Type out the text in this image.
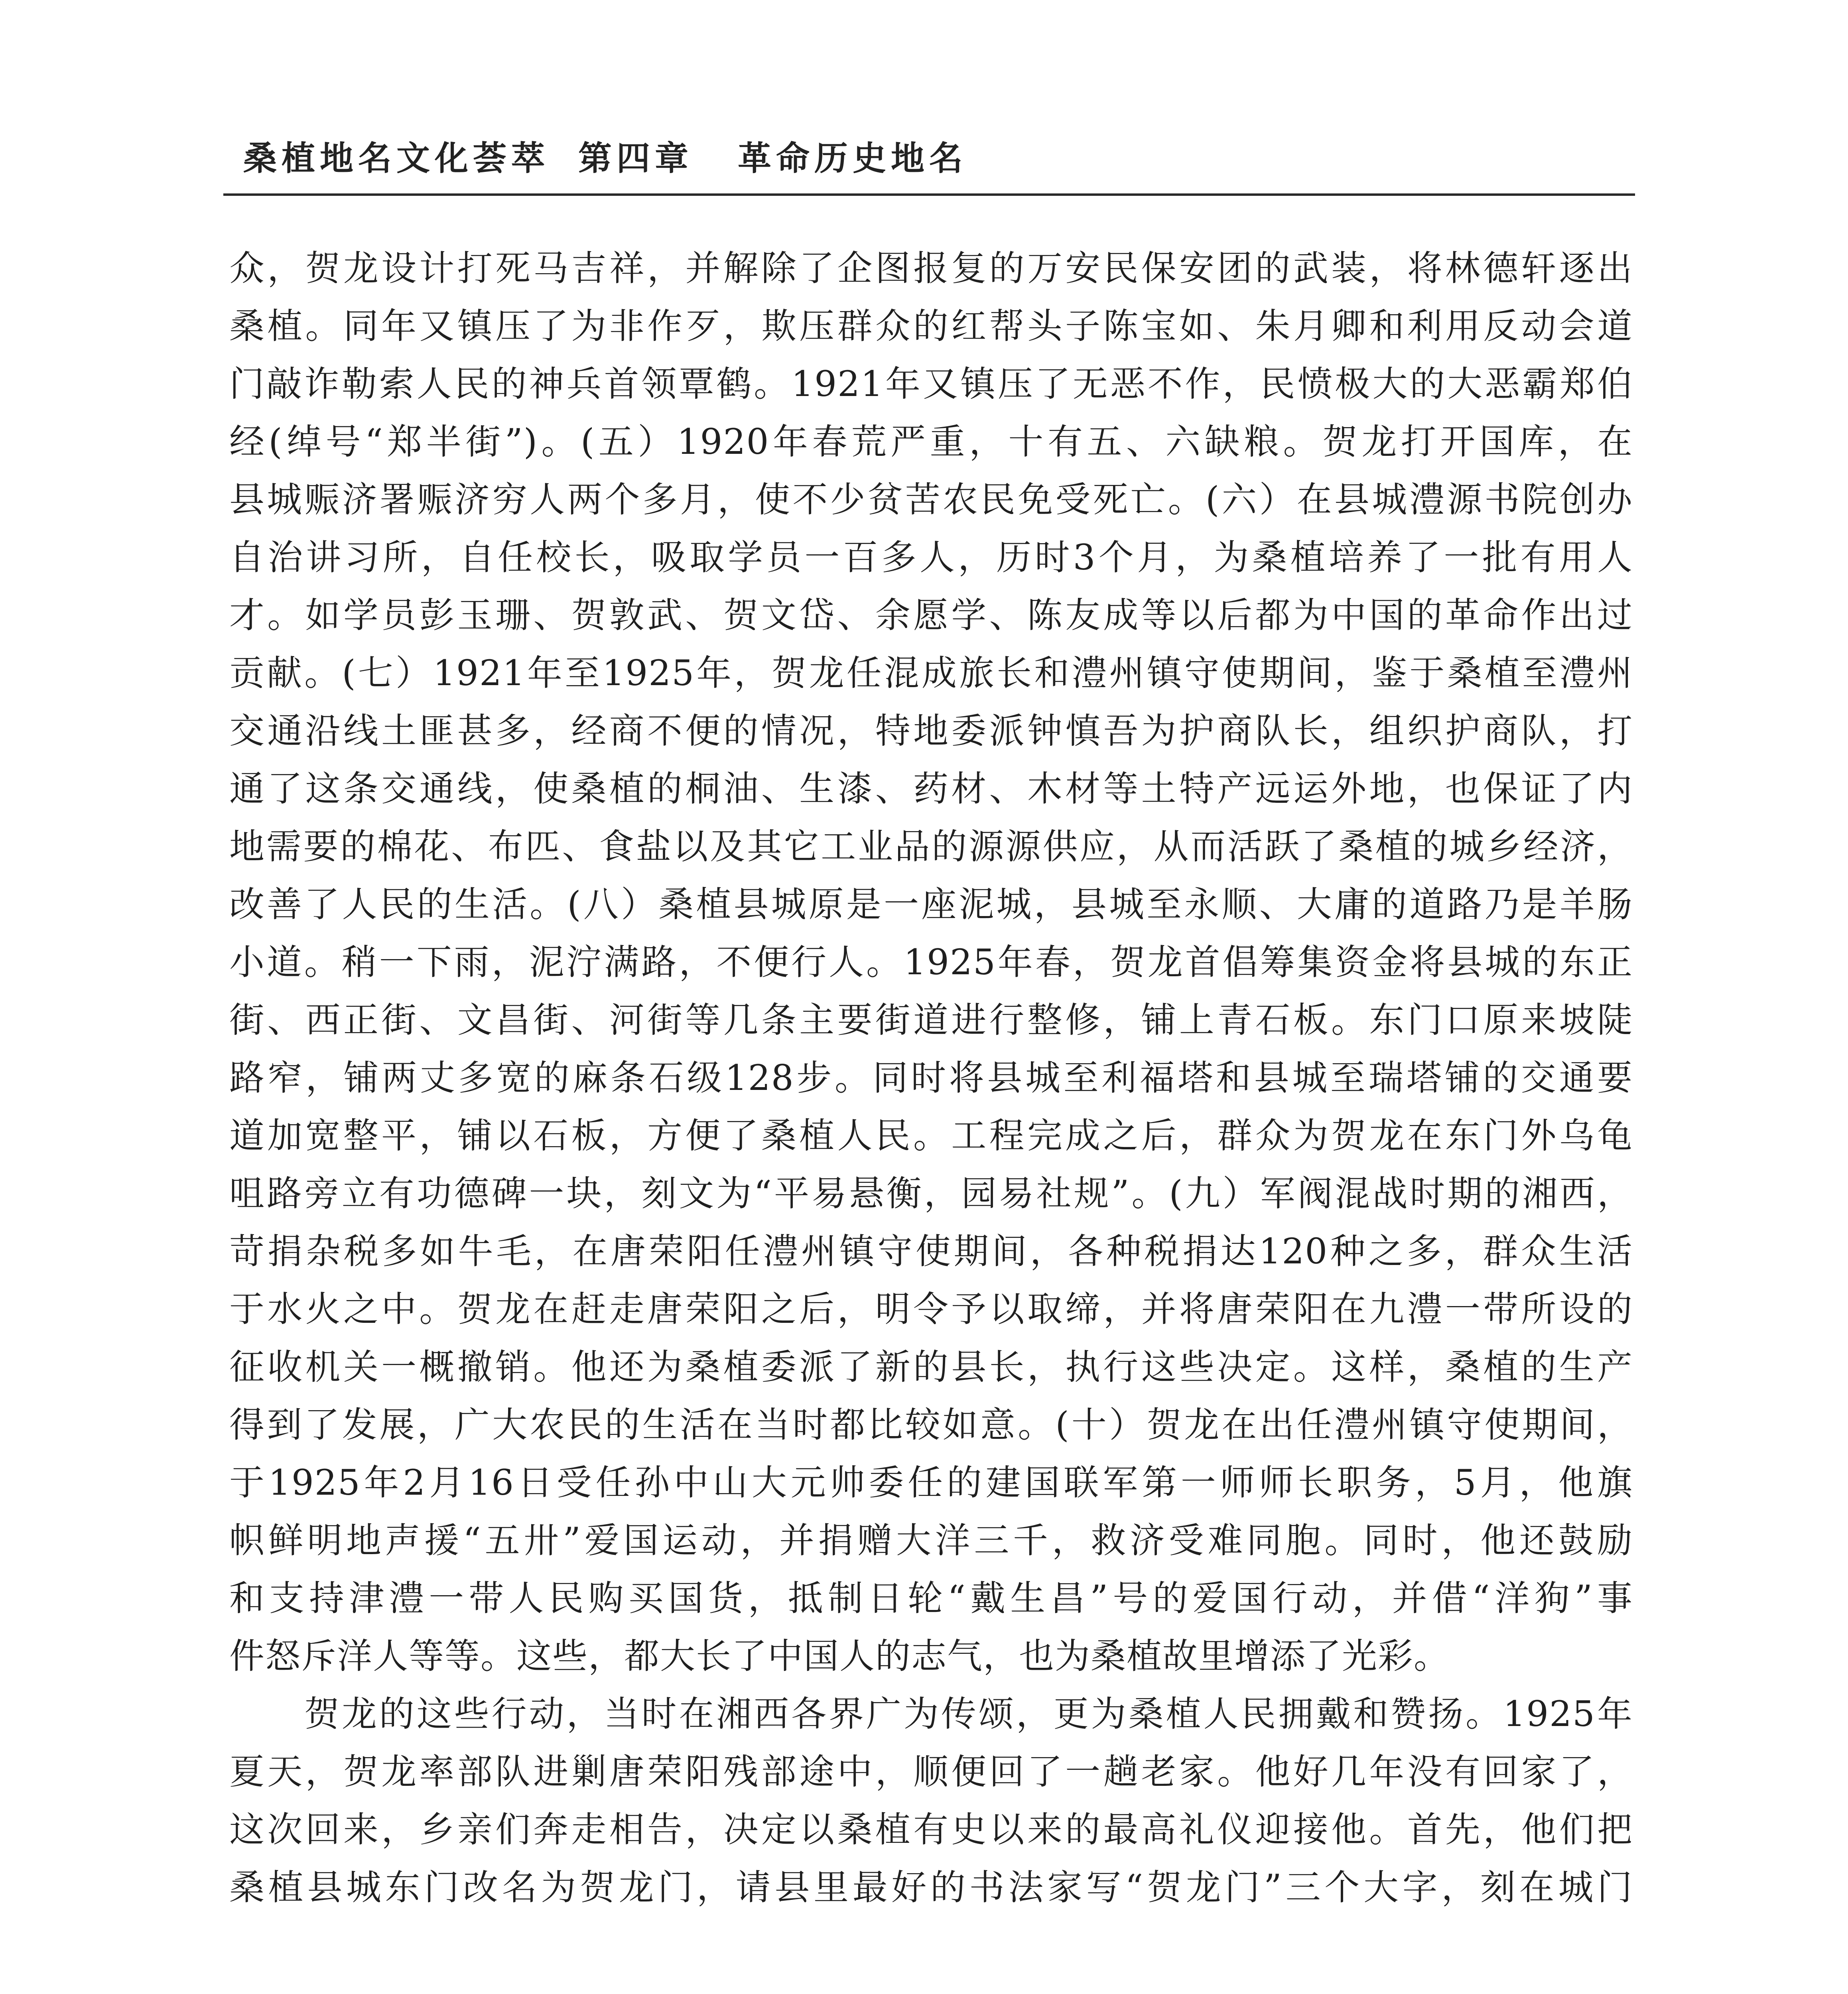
桑植地名文化荟萃 第四章 革命历史地名
众，贺龙设计打死马吉祥，并解除了企图报复的万安民保安团的武装，将林德轩逐出
桑植。同年又镇压了为非作歹，欺压群众的红帮头子陈宝如、朱月卿和利用反动会道
门敲诈勒索人民的神兵首领覃鹤。1921年又镇压了无恶不作，民愤极大的大恶霸郑伯
经(绰号“郑半街”)。(五）1920年春荒严重，十有五、六缺粮。贺龙打开国库，在
县城赈济署赈济穷人两个多月，使不少贫苦农民免受死亡。(六）在县城澧源书院创办
自治讲习所，自任校长，吸取学员一百多人，历时3个月，为桑植培养了一批有用人
才。如学员彭玉珊、贺敦武、贺文岱、余愿学、陈友成等以后都为中国的革命作出过
贡献。(七）1921年至1925年，贺龙任混成旅长和澧州镇守使期间，鉴于桑植至澧州
交通沿线土匪甚多，经商不便的情况，特地委派钟慎吾为护商队长，组织护商队，打
通了这条交通线，使桑植的桐油、生漆、药材、木材等土特产远运外地，也保证了内
地需要的棉花、布匹、食盐以及其它工业品的源源供应，从而活跃了桑植的城乡经济，
改善了人民的生活。(八）桑植县城原是一座泥城，县城至永顺、大庸的道路乃是羊肠
小道。稍一下雨，泥泞满路，不便行人。1925年春，贺龙首倡筹集资金将县城的东正
街、西正街、文昌街、河街等几条主要街道进行整修，铺上青石板。东门口原来坡陡
路窄，铺两丈多宽的麻条石级128步。同时将县城至利福塔和县城至瑞塔铺的交通要
道加宽整平，铺以石板，方便了桑植人民。工程完成之后，群众为贺龙在东门外乌龟
咀路旁立有功德碑一块，刻文为“平易悬衡，园易社规”。(九）军阀混战时期的湘西，
苛捐杂税多如牛毛，在唐荣阳任澧州镇守使期间，各种税捐达120种之多，群众生活
于水火之中。贺龙在赶走唐荣阳之后，明令予以取缔，并将唐荣阳在九澧一带所设的
征收机关一概撤销。他还为桑植委派了新的县长，执行这些决定。这样，桑植的生产
得到了发展，广大农民的生活在当时都比较如意。(十）贺龙在出任澧州镇守使期间，
于1925年2月16日受任孙中山大元帅委任的建国联军第一师师长职务，5月，他旗
帜鲜明地声援“五卅”爱国运动，并捐赠大洋三千，救济受难同胞。同时，他还鼓励
和支持津澧一带人民购买国货，抵制日轮“戴生昌”号的爱国行动，并借“洋狗”事
件怒斥洋人等等。这些，都大长了中国人的志气，也为桑植故里增添了光彩。
　　贺龙的这些行动，当时在湘西各界广为传颂，更为桑植人民拥戴和赞扬。1925年
夏天，贺龙率部队进剿唐荣阳残部途中，顺便回了一趟老家。他好几年没有回家了，
这次回来，乡亲们奔走相告，决定以桑植有史以来的最高礼仪迎接他。首先，他们把
桑植县城东门改名为贺龙门，请县里最好的书法家写“贺龙门”三个大字，刻在城门
